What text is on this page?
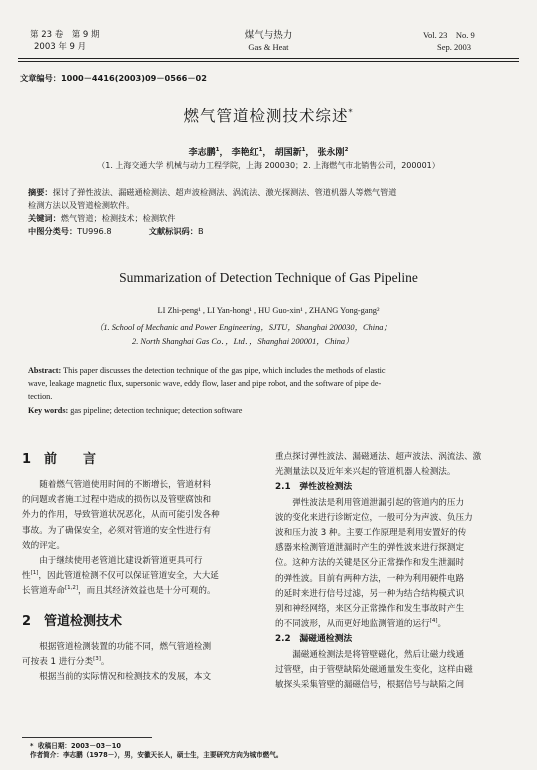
第 23 卷　第 9 期
2003 年 9 月
煤气与热力
Gas & Heat
Vol. 23　No. 9
Sep. 2003
文章编号：1000－4416(2003)09－0566－02
燃气管道检测技术综述*
李志鹏$^1$， 李艳红$^1$， 胡国新$^1$， 张永刚$^2$
（1. 上海交通大学 机械与动力工程学院，上海 200030；2. 上海燃气市北销售公司，200001）
摘要：探讨了弹性波法、漏磁通检测法、超声波检测法、涡流法、激光探测法、管道机器人等燃气管道
检测方法以及管道检测软件。
关键词：燃气管道；检测技术；检测软件
中图分类号：TU996.8	文献标识码：B
Summarization of Detection Technique of Gas Pipeline
LI Zhi-peng¹ , LI Yan-hong¹ , HU Guo-xin¹ , ZHANG Yong-gang²
（1. School of Mechanic and Power Engineering，SJTU，Shanghai 200030，China；
2. North Shanghai Gas Co．，Ltd．，Shanghai 200001，China）
Abstract: This paper discusses the detection technique of the gas pipe, which includes the methods of elastic
wave, leakage magnetic flux, supersonic wave, eddy flow, laser and pipe robot, and the software of pipe de-
tection.
Key words: gas pipeline; detection technique; detection software
1　前　　言

随着燃气管道使用时间的不断增长，管道材料

的问题或者施工过程中造成的损伤以及管壁腐蚀和

外力的作用，导致管道状况恶化，从而可能引发各种

事故。为了确保安全，必须对管道的安全性进行有

效的评定。

由于继续使用老管道比建设新管道更具可行

性[1]，因此管道检测不仅可以保证管道安全，大大延

长管道寿命[1,2]，而且其经济效益也是十分可观的。

2　管道检测技术

根据管道检测装置的功能不同，燃气管道检测

可按表 1 进行分类[3]。

根据当前的实际情况和检测技术的发展，本文

重点探讨弹性波法、漏磁通法、超声波法、涡流法、激

光测量法以及近年来兴起的管道机器人检测法。

2.1　弹性波检测法

弹性波法是利用管道泄漏引起的管道内的压力

波的变化来进行诊断定位，一般可分为声波、负压力

波和压力波 3 种。主要工作原理是利用安置好的传

感器来检测管道泄漏时产生的弹性波来进行探测定

位。这种方法的关键是区分正常操作和发生泄漏时

的弹性波。目前有两种方法，一种为利用硬件电路

的延时来进行信号过滤，另一种为结合结构模式识

别和神经网络，来区分正常操作和发生事故时产生

的不同波形，从而更好地监测管道的运行[4]。

2.2　漏磁通检测法

漏磁通检测法是将管壁磁化，然后让磁力线通

过管壁，由于管壁缺陷处磁通量发生变化，这样由磁

敏探头采集管壁的漏磁信号，根据信号与缺陷之间

* 收稿日期：2003－03－10
作者简介：李志鹏（1978－），男，安徽天长人，硕士生，主要研究方向为城市燃气。
